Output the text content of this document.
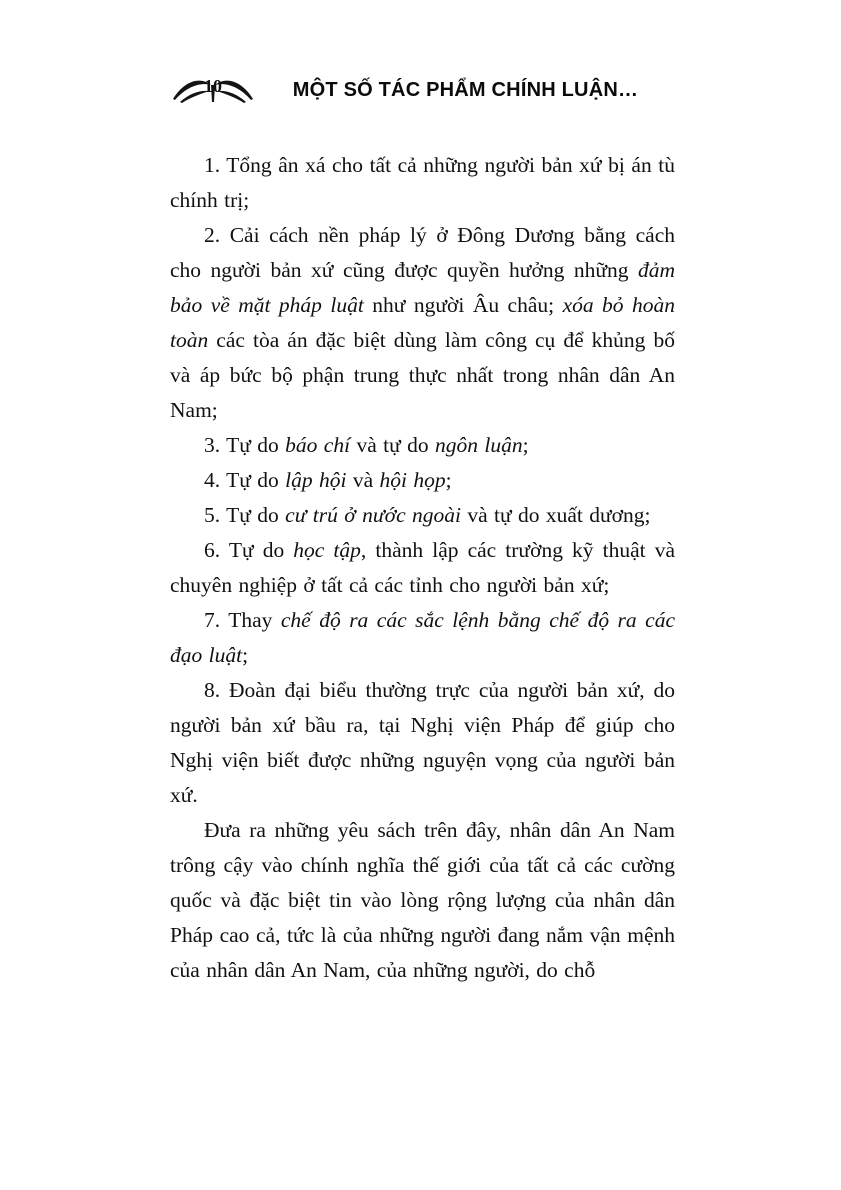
10	MỘT SỐ TÁC PHẨM CHÍNH LUẬN…

1. Tổng ân xá cho tất cả những người bản xứ bị án tù chính trị;

2. Cải cách nền pháp lý ở Đông Dương bằng cách cho người bản xứ cũng được quyền hưởng những đảm bảo về mặt pháp luật như người Âu châu; xóa bỏ hoàn toàn các tòa án đặc biệt dùng làm công cụ để khủng bố và áp bức bộ phận trung thực nhất trong nhân dân An Nam;

3. Tự do báo chí và tự do ngôn luận;

4. Tự do lập hội và hội họp;

5. Tự do cư trú ở nước ngoài và tự do xuất dương;

6. Tự do học tập, thành lập các trường kỹ thuật và chuyên nghiệp ở tất cả các tỉnh cho người bản xứ;

7. Thay chế độ ra các sắc lệnh bằng chế độ ra các đạo luật;

8. Đoàn đại biểu thường trực của người bản xứ, do người bản xứ bầu ra, tại Nghị viện Pháp để giúp cho Nghị viện biết được những nguyện vọng của người bản xứ.

Đưa ra những yêu sách trên đây, nhân dân An Nam trông cậy vào chính nghĩa thế giới của tất cả các cường quốc và đặc biệt tin vào lòng rộng lượng của nhân dân Pháp cao cả, tức là của những người đang nắm vận mệnh của nhân dân An Nam, của những người, do chỗ
